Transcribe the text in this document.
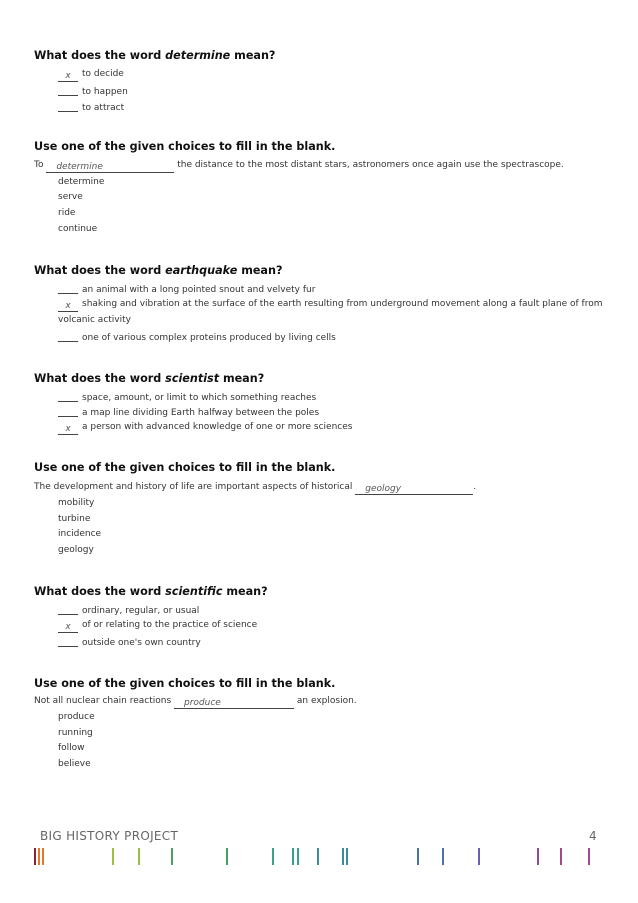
What does the word determine mean?
x to decide
to happen
to attract
Use one of the given choices to fill in the blank.
To determine	the distance to the most distant stars, astronomers once again use the spectrascope.
determine
serve
ride
continue
What does the word earthquake mean?
an animal with a long pointed snout and velvety fur
x shaking and vibration at the surface of the earth resulting from underground movement along a fault plane of from volcanic activity
one of various complex proteins produced by living cells
What does the word scientist mean?
space, amount, or limit to which something reaches
a map line dividing Earth halfway between the poles
x a person with advanced knowledge of one or more sciences
Use one of the given choices to fill in the blank.
The development and history of life are important aspects of historical geology	.
mobility
turbine
incidence
geology
What does the word scientific mean?
ordinary, regular, or usual
x of or relating to the practice of science
outside one's own country
Use one of the given choices to fill in the blank.
Not all nuclear chain reactions produce	an explosion.
produce
running
follow
believe
BIG HISTORY PROJECT	4
